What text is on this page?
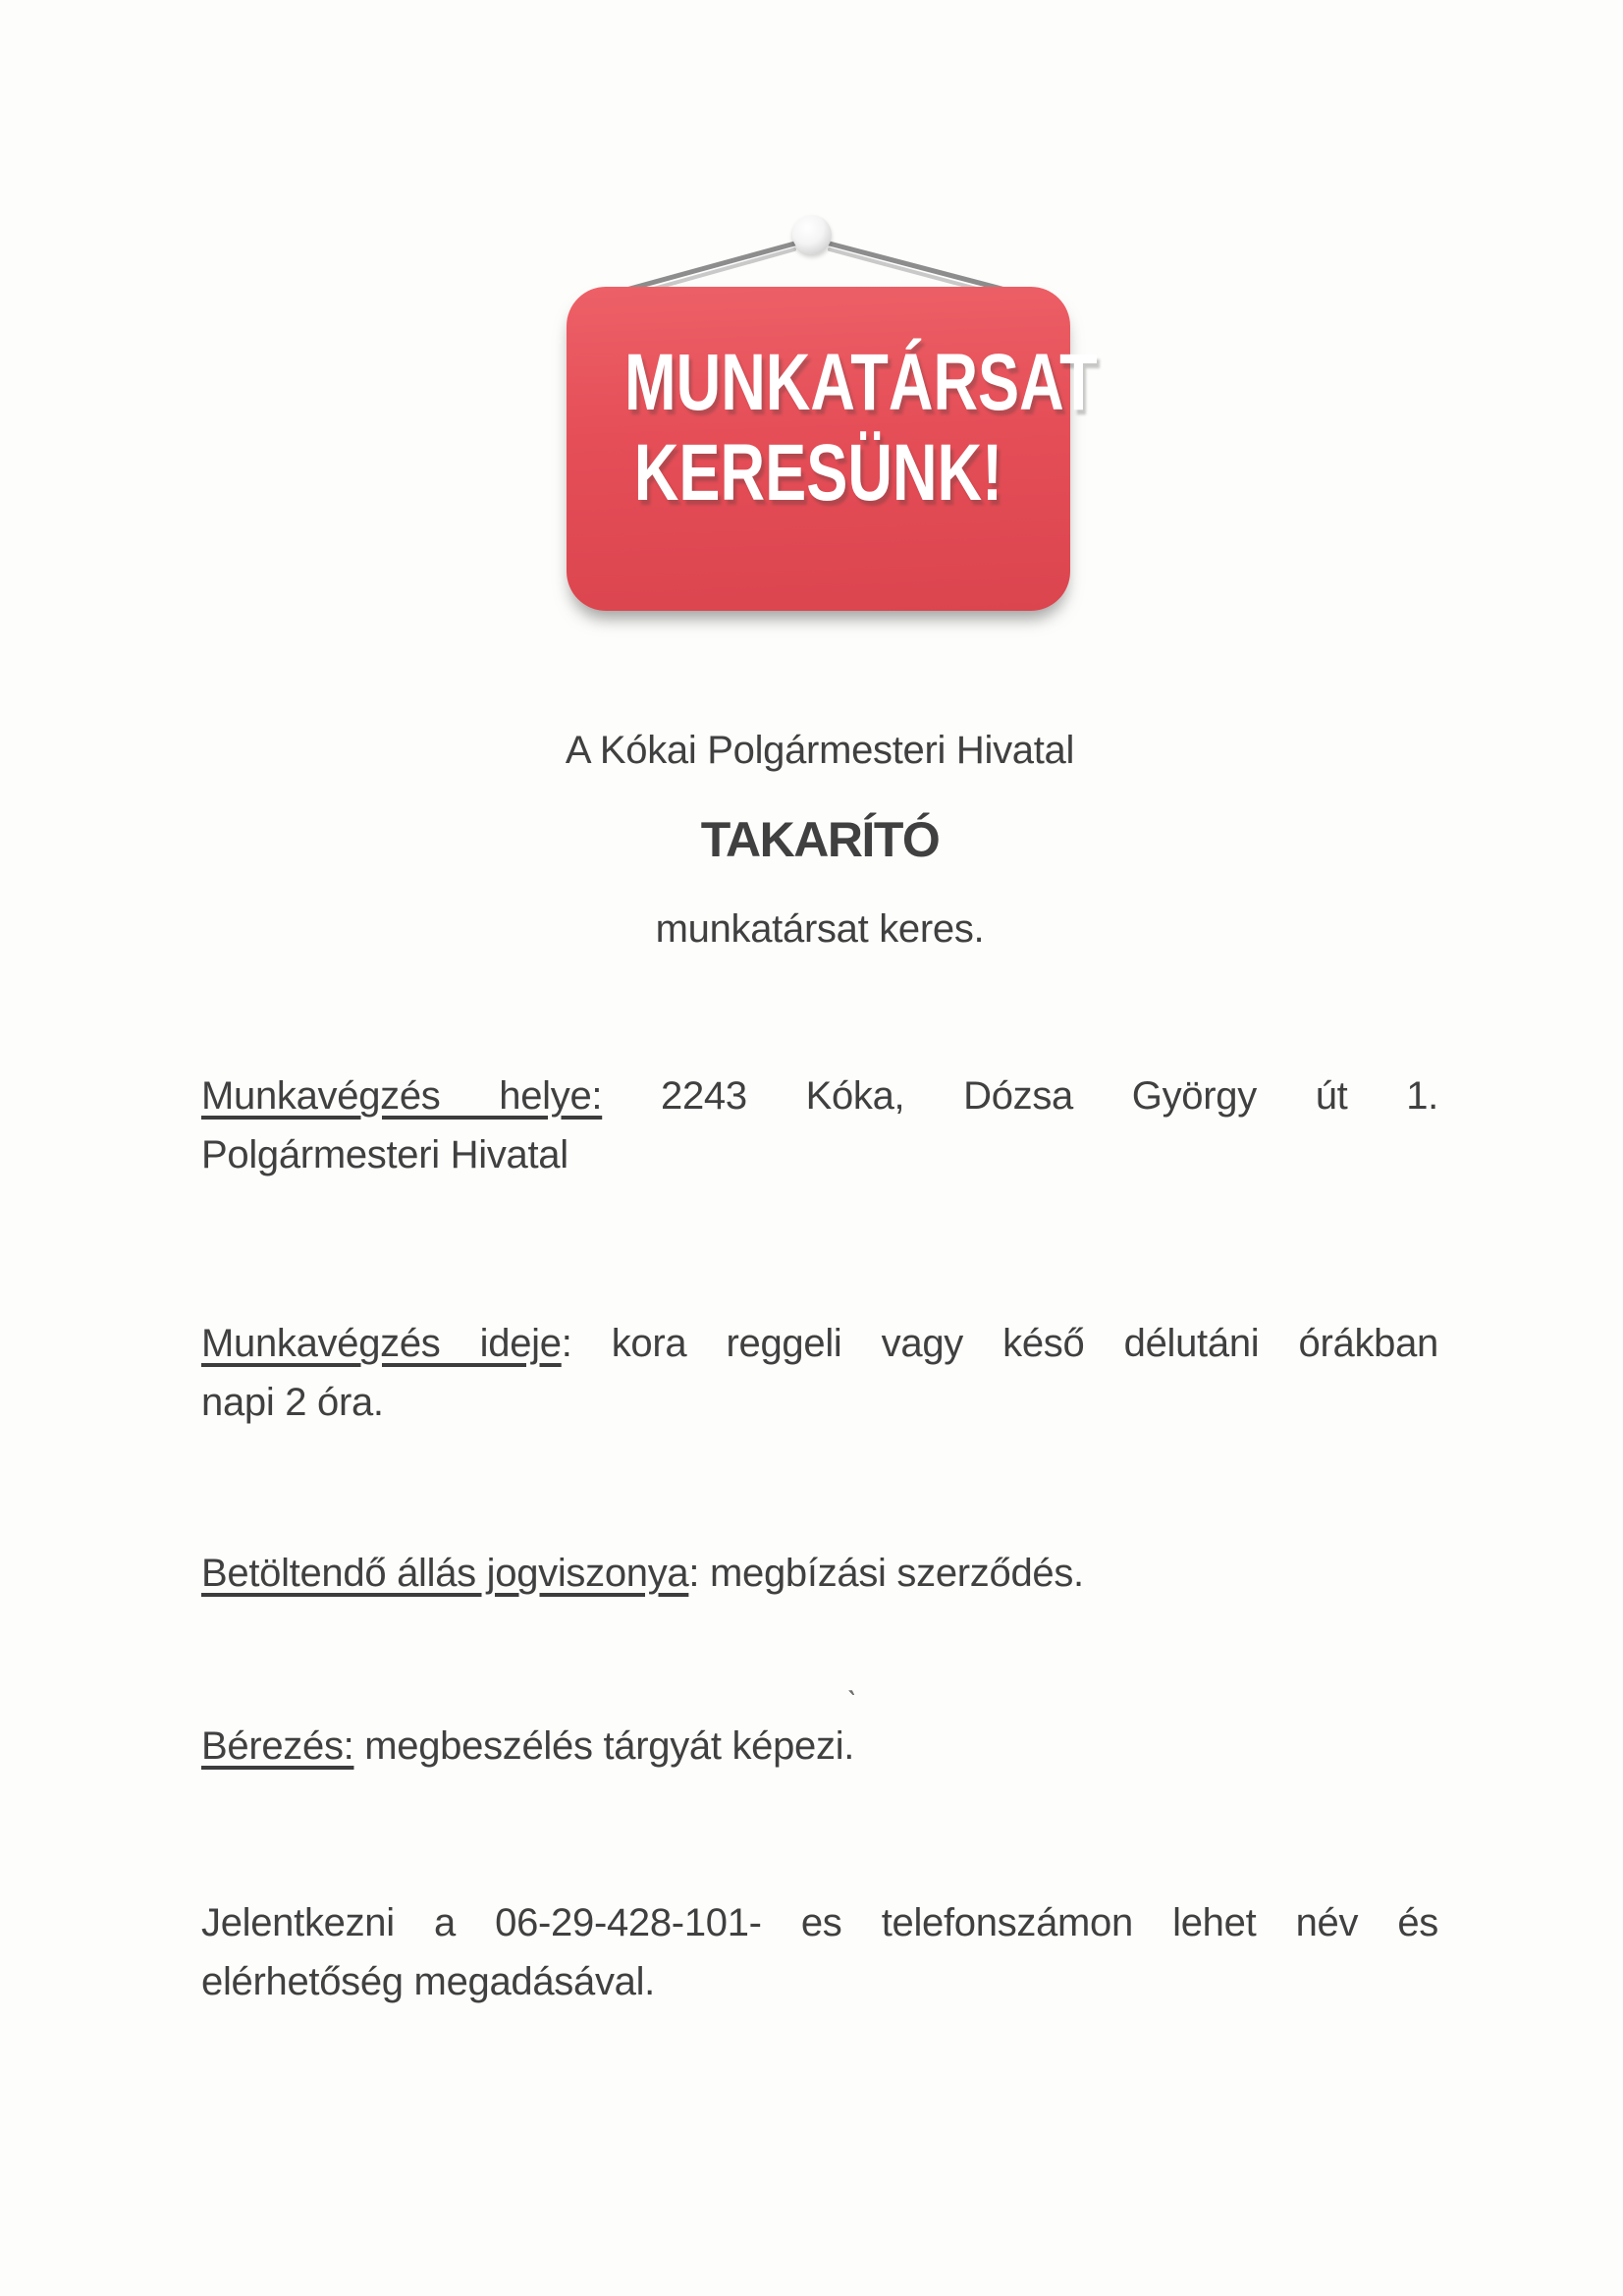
MUNKATÁRSAT
KERESÜNK!
A Kókai Polgármesteri Hivatal
TAKARÍTÓ
munkatársat keres.
Munkavégzés helye: 2243 Kóka, Dózsa György út 1.
Polgármesteri Hivatal
Munkavégzés ideje: kora reggeli vagy késő délutáni órákban
napi 2 óra.
Betöltendő állás jogviszonya: megbízási szerződés.
ˋ
Bérezés: megbeszélés tárgyát képezi.
Jelentkezni a 06-29-428-101- es telefonszámon lehet név és
elérhetőség megadásával.
